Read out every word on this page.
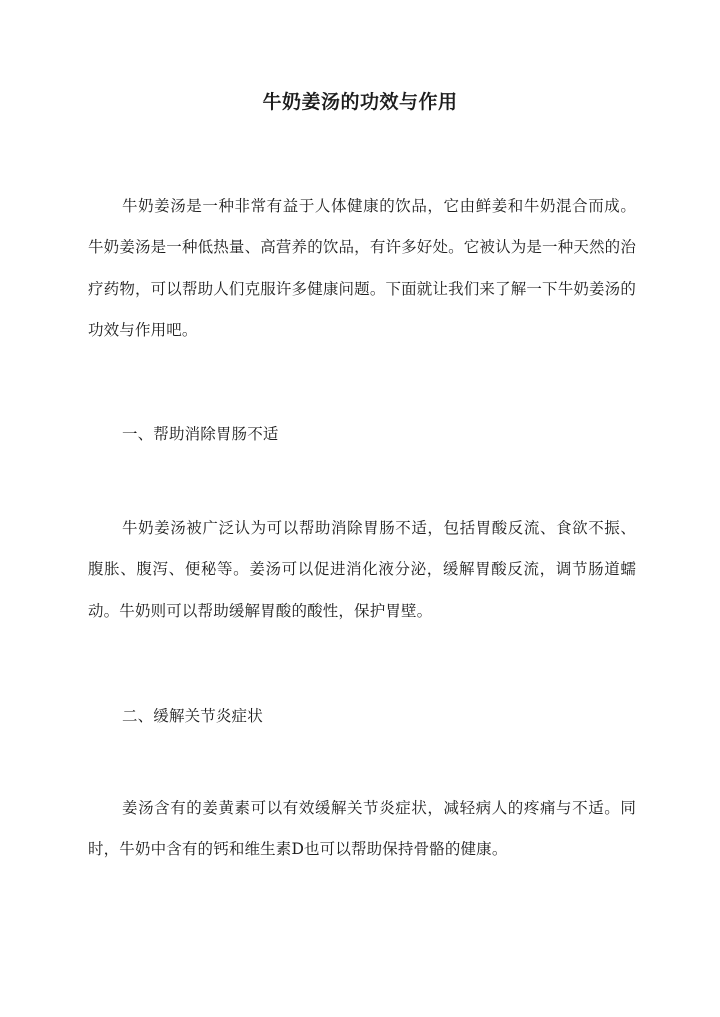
牛奶姜汤的功效与作用

牛奶姜汤是一种非常有益于人体健康的饮品，它由鲜姜和牛奶混合而成。牛奶姜汤是一种低热量、高营养的饮品，有许多好处。它被认为是一种天然的治疗药物，可以帮助人们克服许多健康问题。下面就让我们来了解一下牛奶姜汤的功效与作用吧。

一、帮助消除胃肠不适

牛奶姜汤被广泛认为可以帮助消除胃肠不适，包括胃酸反流、食欲不振、腹胀、腹泻、便秘等。姜汤可以促进消化液分泌，缓解胃酸反流，调节肠道蠕动。牛奶则可以帮助缓解胃酸的酸性，保护胃壁。

二、缓解关节炎症状

姜汤含有的姜黄素可以有效缓解关节炎症状，减轻病人的疼痛与不适。同时，牛奶中含有的钙和维生素D也可以帮助保持骨骼的健康。
